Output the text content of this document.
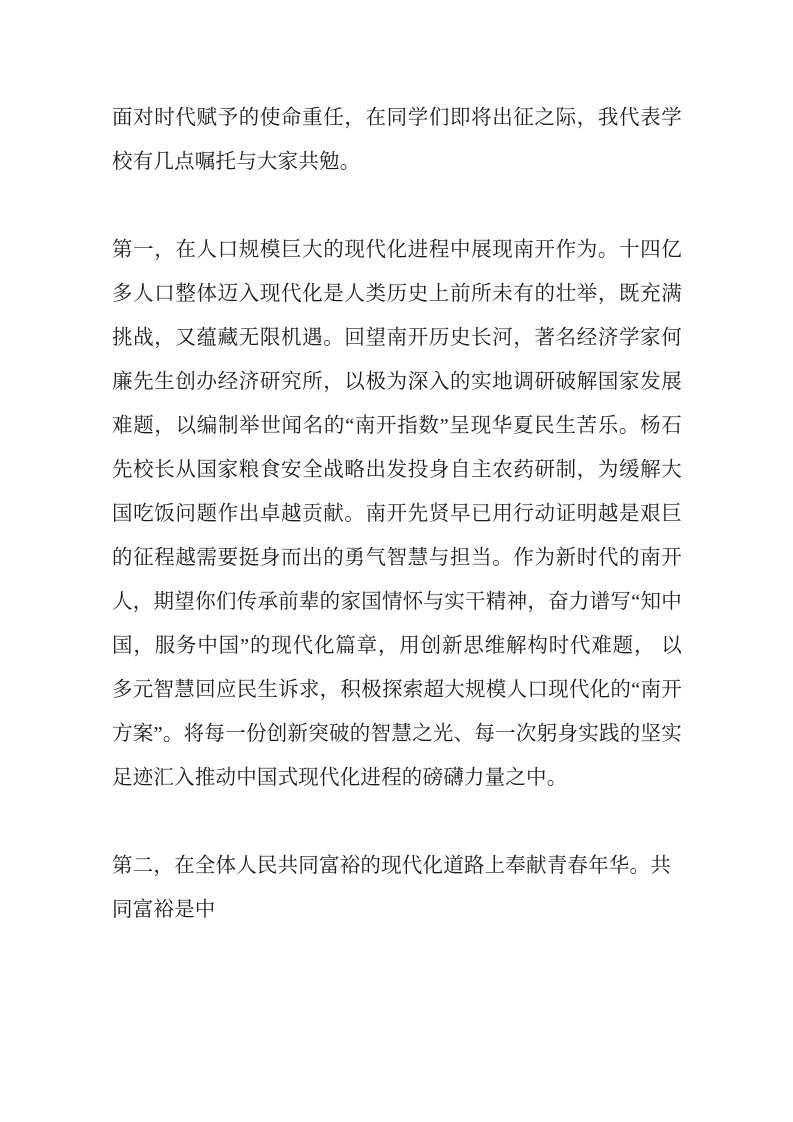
面对时代赋予的使命重任，在同学们即将出征之际，我代表学校有几点嘱托与大家共勉。

第一，在人口规模巨大的现代化进程中展现南开作为。十四亿多人口整体迈入现代化是人类历史上前所未有的壮举，既充满挑战，又蕴藏无限机遇。回望南开历史长河，著名经济学家何廉先生创办经济研究所，以极为深入的实地调研破解国家发展难题，以编制举世闻名的“南开指数”呈现华夏民生苦乐。杨石先校长从国家粮食安全战略出发投身自主农药研制，为缓解大国吃饭问题作出卓越贡献。南开先贤早已用行动证明越是艰巨的征程越需要挺身而出的勇气智慧与担当。作为新时代的南开人，期望你们传承前辈的家国情怀与实干精神，奋力谱写“知中国，服务中国”的现代化篇章，用创新思维解构时代难题， 以多元智慧回应民生诉求，积极探索超大规模人口现代化的“南开方案”。将每一份创新突破的智慧之光、每一次躬身实践的坚实足迹汇入推动中国式现代化进程的磅礴力量之中。

第二，在全体人民共同富裕的现代化道路上奉献青春年华。共同富裕是中
